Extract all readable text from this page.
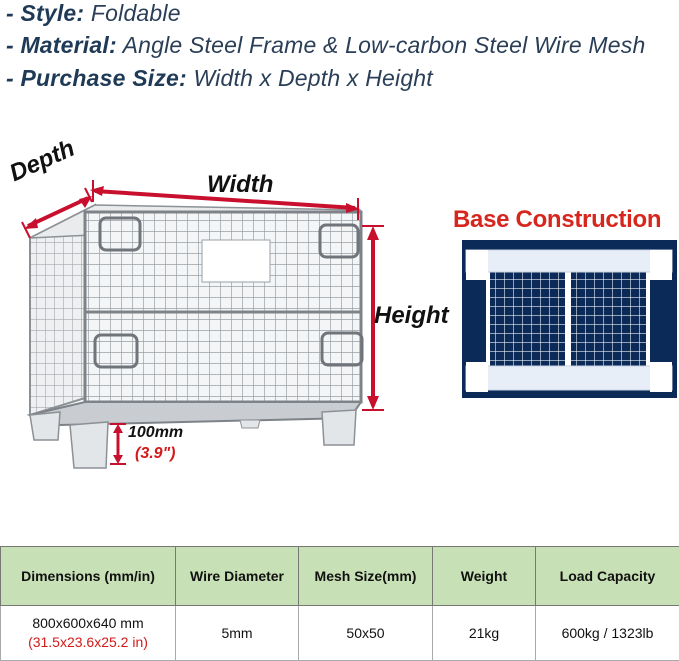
- Style: Foldable
- Material: Angle Steel Frame & Low-carbon Steel Wire Mesh
- Purchase Size: Width x Depth x Height
Depth	Width
Height
100mm
(3.9")
Base Construction
Dimensions (mm/in)	Wire Diameter	Mesh Size(mm)	Weight	Load Capacity

800x600x640 mm
(31.5x23.6x25.2 in)	5mm	50x50	21kg	600kg / 1323lb
